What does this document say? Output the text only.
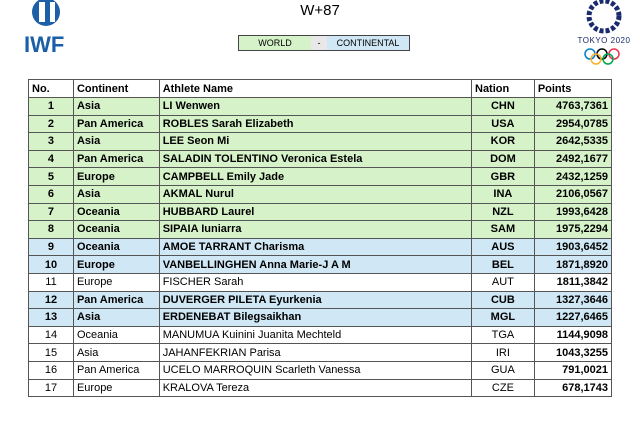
IWF
W+87
WORLD	-	CONTINENTAL	TOKYO 2020
No.	Continent	Athlete Name	Nation	Points
1	Asia	LI Wenwen	CHN	4763,7361
2	Pan America	ROBLES Sarah Elizabeth	USA	2954,0785
3	Asia	LEE Seon Mi	KOR	2642,5335
4	Pan America	SALADIN TOLENTINO Veronica Estela	DOM	2492,1677
5	Europe	CAMPBELL Emily Jade	GBR	2432,1259
6	Asia	AKMAL Nurul	INA	2106,0567
7	Oceania	HUBBARD Laurel	NZL	1993,6428
8	Oceania	SIPAIA Iuniarra	SAM	1975,2294
9	Oceania	AMOE TARRANT Charisma	AUS	1903,6452
10	Europe	VANBELLINGHEN Anna Marie-J A M	BEL	1871,8920
11	Europe	FISCHER Sarah	AUT	1811,3842
12	Pan America	DUVERGER PILETA Eyurkenia	CUB	1327,3646
13	Asia	ERDENEBAT Bilegsaikhan	MGL	1227,6465
14	Oceania	MANUMUA Kuinini Juanita Mechteld	TGA	1144,9098
15	Asia	JAHANFEKRIAN Parisa	IRI	1043,3255
16	Pan America	UCELO MARROQUIN Scarleth Vanessa	GUA	791,0021
17	Europe	KRALOVA Tereza	CZE	678,1743
